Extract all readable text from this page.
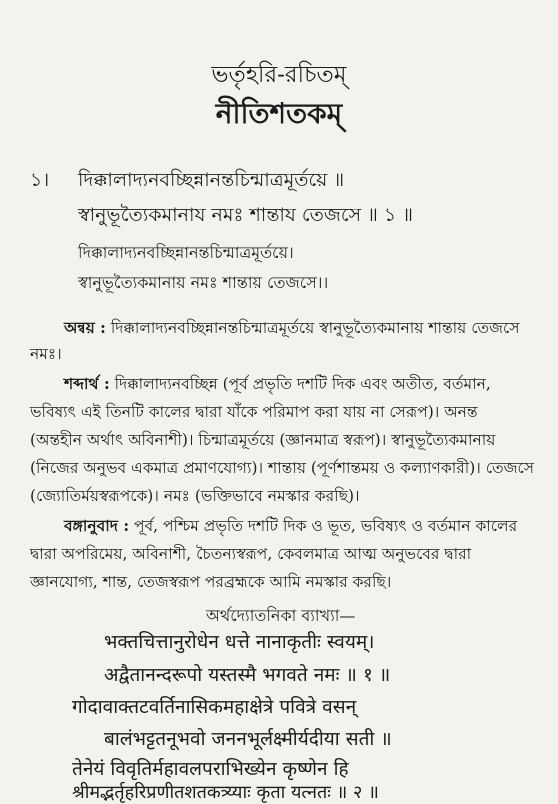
ভর্তৃহরি-রচিতম্
নীতিশতকম্
১। দিক্কালাদ্যনবচ্ছিন্নানন্তচিন্মাত্রমূর্তয়ে ॥
স্বানুভূত্যৈকমানায নমঃ শান্তায তেজসে ॥ ১ ॥
দিক্কালাদ্যনবচ্ছিন্নানন্তচিন্মাত্রমূর্তয়ে।
স্বানুভূত্যৈকমানায় নমঃ শান্তায় তেজসে।।
অন্বয় : দিক্কালাদ্যনবচ্ছিন্নানন্তচিন্মাত্রমূর্তয়ে স্বানুভূত্যৈকমানায় শান্তায় তেজসে
নমঃ।
শব্দার্থ : দিক্কালাদ্যনবচ্ছিন্ন (পূর্ব প্রভৃতি দশটি দিক এবং অতীত, বর্তমান,
ভবিষ্যৎ এই তিনটি কালের দ্বারা যাঁকে পরিমাপ করা যায় না সেরূপ)। অনন্ত
(অন্তহীন অর্থাৎ অবিনাশী)। চিন্মাত্রমূর্তয়ে (জ্ঞানমাত্র স্বরূপ)। স্বানুভূত্যৈকমানায়
(নিজের অনুভব একমাত্র প্রমাণযোগ্য)। শান্তায় (পূর্ণশান্তময় ও কল্যাণকারী)। তেজসে
(জ্যোতির্ময়স্বরূপকে)। নমঃ (ভক্তিভাবে নমস্কার করছি)।
বঙ্গানুবাদ : পূর্ব, পশ্চিম প্রভৃতি দশটি দিক ও ভূত, ভবিষ্যৎ ও বর্তমান কালের
দ্বারা অপরিমেয়, অবিনাশী, চৈতন্যস্বরূপ, কেবলমাত্র আত্ম অনুভবের দ্বারা
জ্ঞানযোগ্য, শান্ত, তেজস্বরূপ পরব্রহ্মকে আমি নমস্কার করছি।
অর্থদ্যোতনিকা ব্যাখ্যা—
भक्तचित्तानुरोधेन धत्ते नानाकृतीः स्वयम्।
अद्वैतानन्दरूपो यस्तस्मै भगवते नमः ॥ १ ॥
गोदावाक्तटवर्तिनासिकमहाक्षेत्रे पवित्रे वसन्
बालंभट्टतनूभवो जननभूर्लक्ष्मीर्यदीया सती ॥
तेनेयं विवृतिर्महावलपराभिख्येन कृष्णेन हि
श्रीमद्भर्तृहरिप्रणीतशतकत्र्य्याः कृता यत्नतः ॥ २ ॥
